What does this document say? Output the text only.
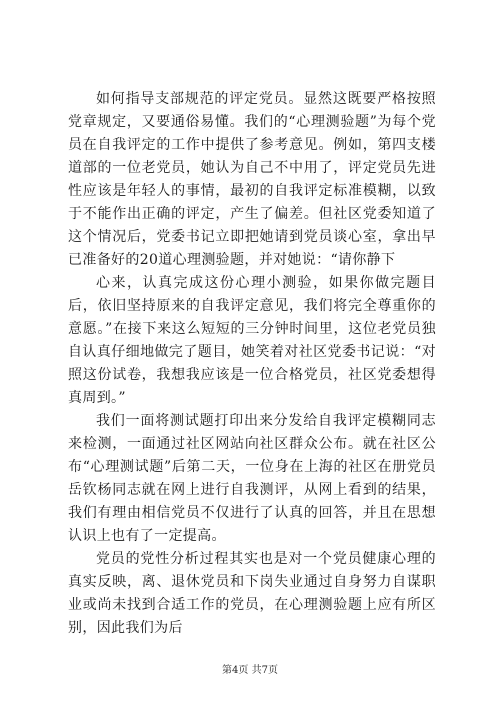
如何指导支部规范的评定党员。显然这既要严格按照党章规定，又要通俗易懂。我们的“心理测验题”为每个党员在自我评定的工作中提供了参考意见。例如，第四支楼道部的一位老党员，她认为自己不中用了，评定党员先进性应该是年轻人的事情，最初的自我评定标准模糊，以致于不能作出正确的评定，产生了偏差。但社区党委知道了这个情况后，党委书记立即把她请到党员谈心室，拿出早已准备好的20道心理测验题，并对她说：“请你静下

心来，认真完成这份心理小测验，如果你做完题目后，依旧坚持原来的自我评定意见，我们将完全尊重你的意愿。”在接下来这么短短的三分钟时间里，这位老党员独自认真仔细地做完了题目，她笑着对社区党委书记说：“对照这份试卷，我想我应该是一位合格党员，社区党委想得真周到。”

我们一面将测试题打印出来分发给自我评定模糊同志来检测，一面通过社区网站向社区群众公布。就在社区公布“心理测试题”后第二天，一位身在上海的社区在册党员岳钦杨同志就在网上进行自我测评，从网上看到的结果，我们有理由相信党员不仅进行了认真的回答，并且在思想认识上也有了一定提高。

党员的党性分析过程其实也是对一个党员健康心理的真实反映，离、退休党员和下岗失业通过自身努力自谋职业或尚未找到合适工作的党员，在心理测验题上应有所区别，因此我们为后

第4页 共7页
